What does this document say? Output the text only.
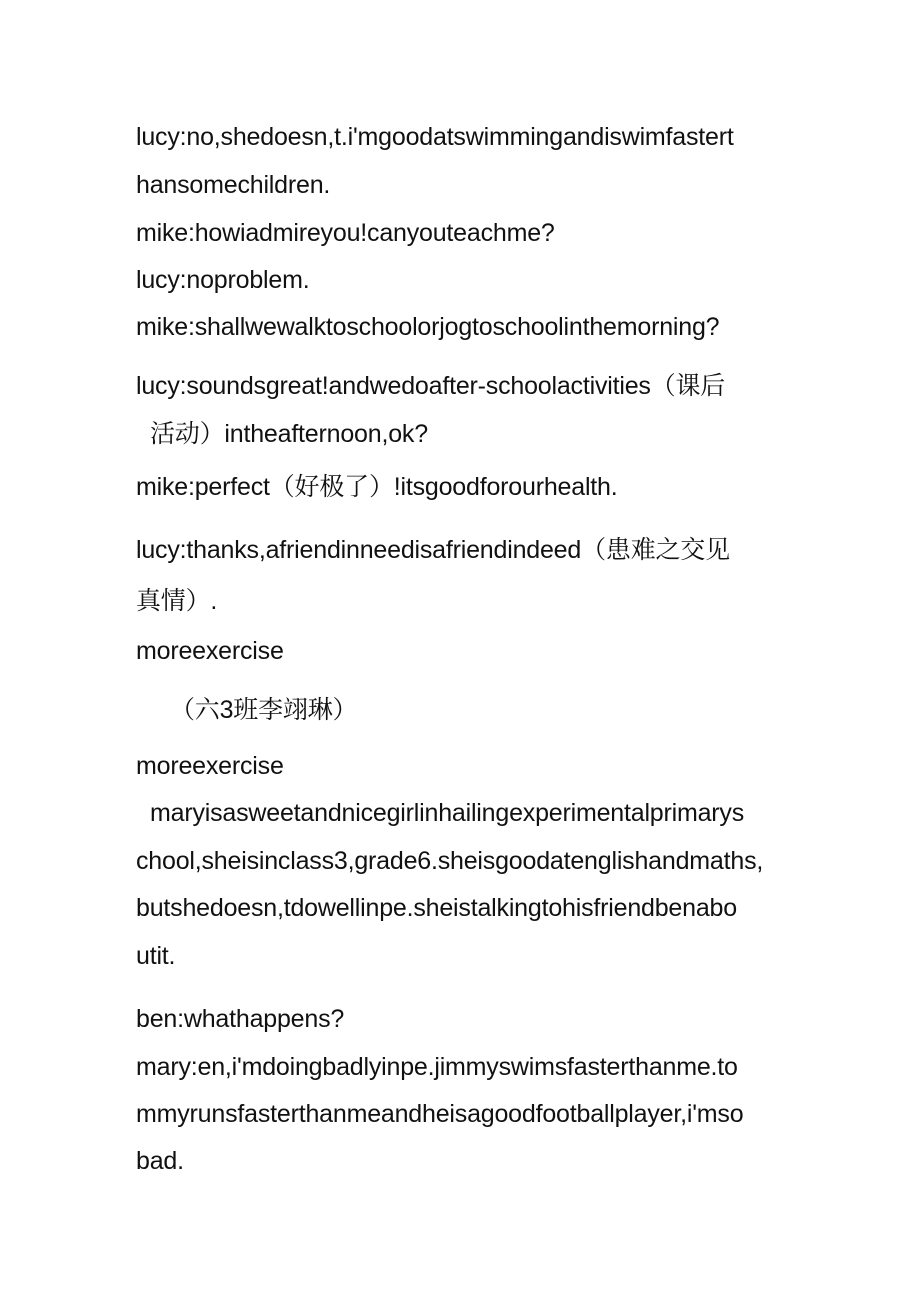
lucy:no,shedoesn,t.i'mgoodatswimmingandiswimfastert
hansomechildren.
mike:howiadmireyou!canyouteachme?
lucy:noproblem.
mike:shallwewalktoschoolorjogtoschoolinthemorning?
lucy:soundsgreat!andwedoafter-schoolactivities（课后
活动）intheafternoon,ok?
mike:perfect（好极了）!itsgoodforourhealth.
lucy:thanks,afriendinneedisafriendindeed（患难之交见
真情）.
moreexercise
（六3班李翊琳）
moreexercise
maryisasweetandnicegirlinhailingexperimentalprimarys
chool,sheisinclass3,grade6.sheisgoodatenglishandmaths,
butshedoesn,tdowellinpe.sheistalkingtohisfriendbenabo
utit.
ben:whathappens?
mary:en,i'mdoingbadlyinpe.jimmyswimsfasterthanme.to
mmyrunsfasterthanmeandheisagoodfootballplayer,i'mso
bad.
